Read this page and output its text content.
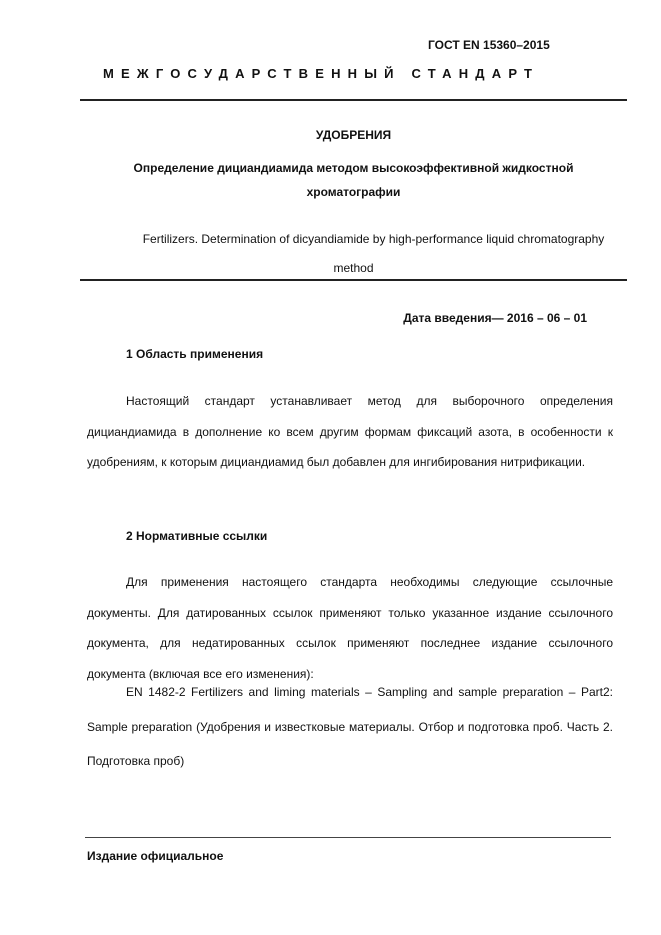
ГОСТ EN 15360–2015
МЕЖГОСУДАРСТВЕННЫЙ СТАНДАРТ
УДОБРЕНИЯ
Определение дициандиамида методом высокоэффективной жидкостной хроматографии
Fertilizers. Determination of dicyandiamide by high-performance liquid chromatography
method
Дата введения— 2016 – 06 – 01
1 Область применения
Настоящий стандарт устанавливает метод для выборочного определения дициандиамида в дополнение ко всем другим формам фиксаций азота, в особенности к удобрениям, к которым дициандиамид был добавлен для ингибирования нитрификации.
2 Нормативные ссылки
Для применения настоящего стандарта необходимы следующие ссылочные документы. Для датированных ссылок применяют только указанное издание ссылочного документа, для недатированных ссылок применяют последнее издание ссылочного документа (включая все его изменения):
EN 1482-2 Fertilizers and liming materials – Sampling and sample preparation – Part2: Sample preparation (Удобрения и известковые материалы. Отбор и подготовка проб. Часть 2. Подготовка проб)
Издание официальное
